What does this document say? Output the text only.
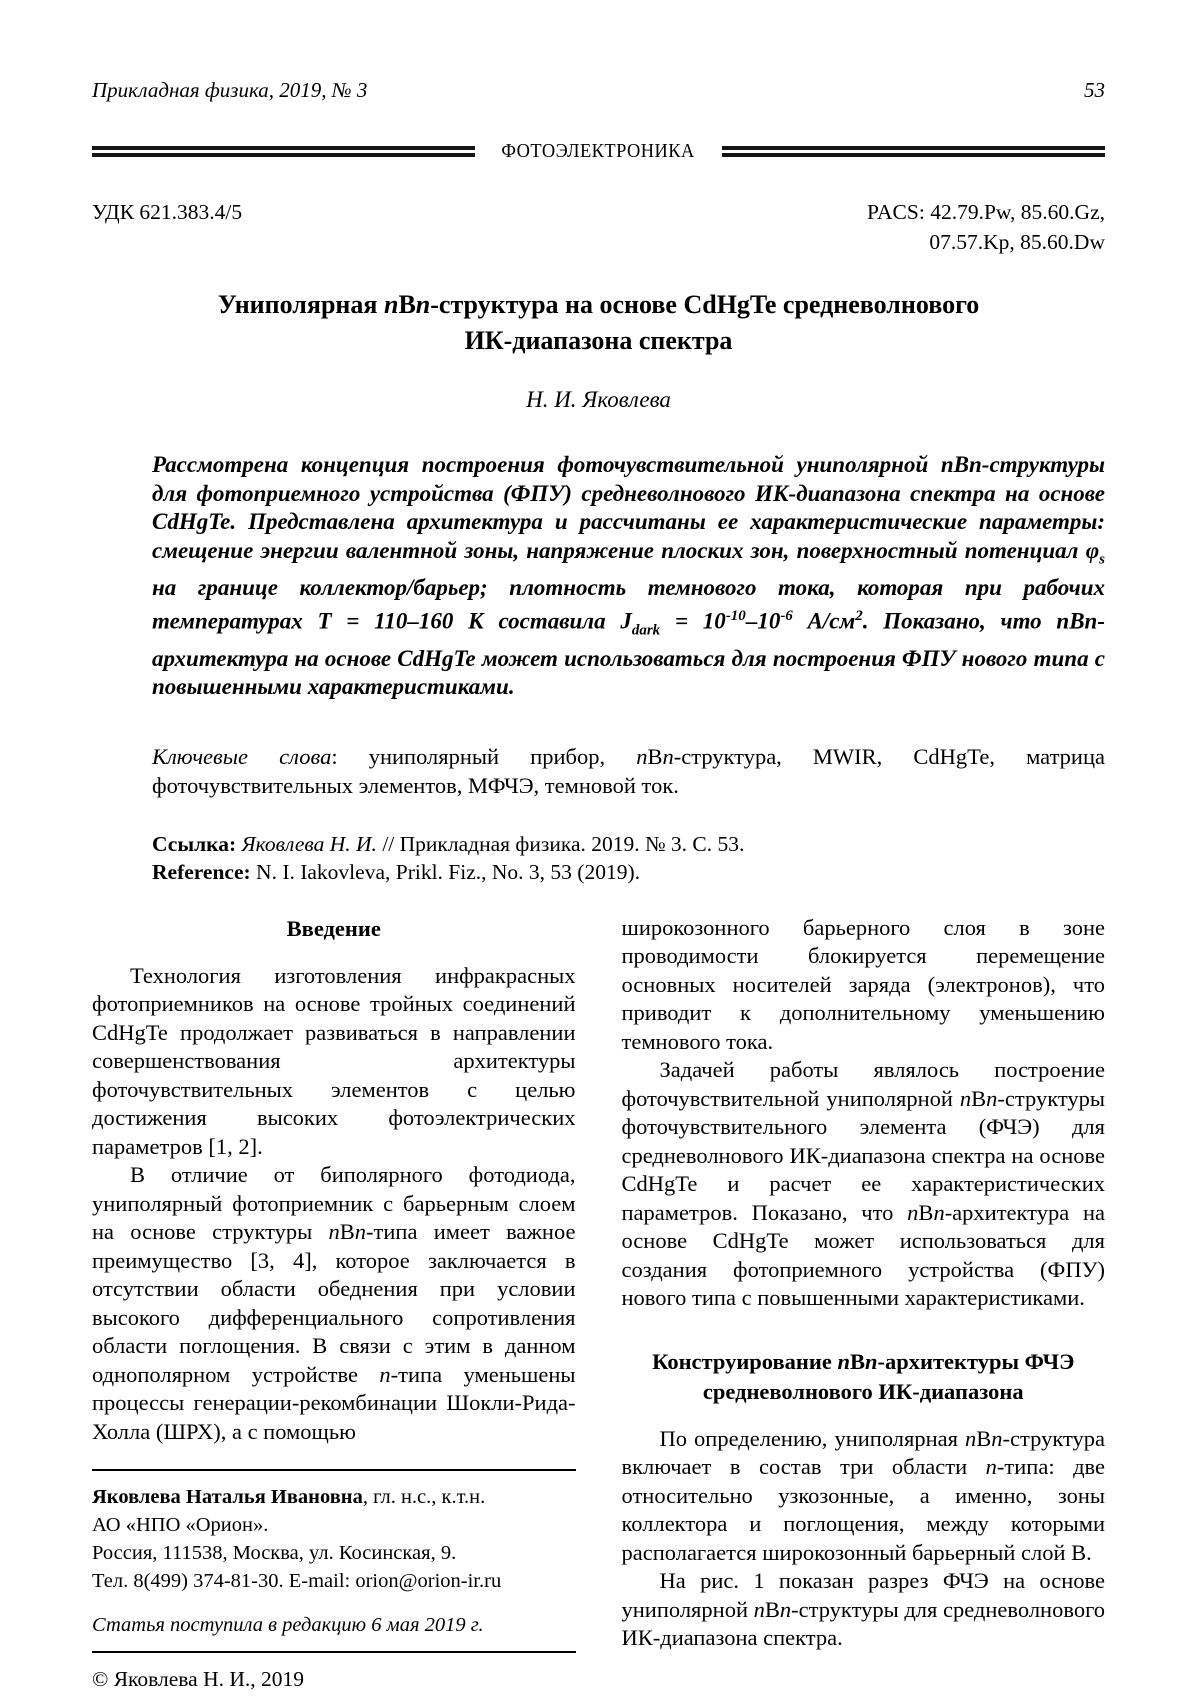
Прикладная физика, 2019, № 3	53
ФОТОЭЛЕКТРОНИКА
УДК 621.383.4/5	PACS: 42.79.Pw, 85.60.Gz,
07.57.Kp, 85.60.Dw
Униполярная nBn-структура на основе CdHgTe средневолнового
ИК-диапазона спектра
Н. И. Яковлева
Рассмотрена концепция построения фоточувствительной униполярной nBn-структуры для фотоприемного устройства (ФПУ) средневолнового ИК-диапазона спектра на основе CdHgTe. Представлена архитектура и рассчитаны ее характеристические параметры: смещение энергии валентной зоны, напряжение плоских зон, поверхностный потенциал $\varphi_s$ на границе коллектор/барьер; плотность темнового тока, которая при рабочих температурах T = 110–160 К составила $J_{dark} = 10^{-10}-10^{-6}$ $А/см^2$. Показано, что nBn-архитектура на основе CdHgTe может использоваться для построения ФПУ нового типа с повышенными характеристиками.
Ключевые слова: униполярный прибор, nBn-структура, MWIR, CdHgTe, матрица фоточувствительных элементов, МФЧЭ, темновой ток.
Ссылка: Яковлева Н. И. // Прикладная физика. 2019. № 3. С. 53.
Reference: N. I. Iakovleva, Prikl. Fiz., No. 3, 53 (2019).
Введение

Технология изготовления инфракрасных фотоприемников на основе тройных соединений CdHgTe продолжает развиваться в направлении совершенствования архитектуры фоточувствительных элементов с целью достижения высоких фотоэлектрических параметров [1, 2].

В отличие от биполярного фотодиода, униполярный фотоприемник с барьерным слоем на основе структуры nBn-типа имеет важное преимущество [3, 4], которое заключается в отсутствии области обеднения при условии высокого дифференциального сопротивления области поглощения. В связи с этим в данном однополярном устройстве n-типа уменьшены процессы генерации-рекомбинации Шокли-Рида-Холла (ШРХ), а с помощью

Яковлева Наталья Ивановна, гл. н.с., к.т.н.
АО «НПО «Орион».
Россия, 111538, Москва, ул. Косинская, 9.
Тел. 8(499) 374-81-30. E-mail: orion@orion-ir.ru

Статья поступила в редакцию 6 мая 2019 г.

© Яковлева Н. И., 2019

широкозонного барьерного слоя в зоне проводимости блокируется перемещение основных носителей заряда (электронов), что приводит к дополнительному уменьшению темнового тока.

Задачей работы являлось построение фоточувствительной униполярной nBn-структуры фоточувствительного элемента (ФЧЭ) для средневолнового ИК-диапазона спектра на основе CdHgTe и расчет ее характеристических параметров. Показано, что nBn-архитектура на основе CdHgTe может использоваться для создания фотоприемного устройства (ФПУ) нового типа с повышенными характеристиками.

Конструирование nBn-архитектуры ФЧЭ
средневолнового ИК-диапазона

По определению, униполярная nBn-структура включает в состав три области n-типа: две относительно узкозонные, а именно, зоны коллектора и поглощения, между которыми располагается широкозонный барьерный слой В.

На рис. 1 показан разрез ФЧЭ на основе униполярной nBn-структуры для средневолнового ИК-диапазона спектра.
